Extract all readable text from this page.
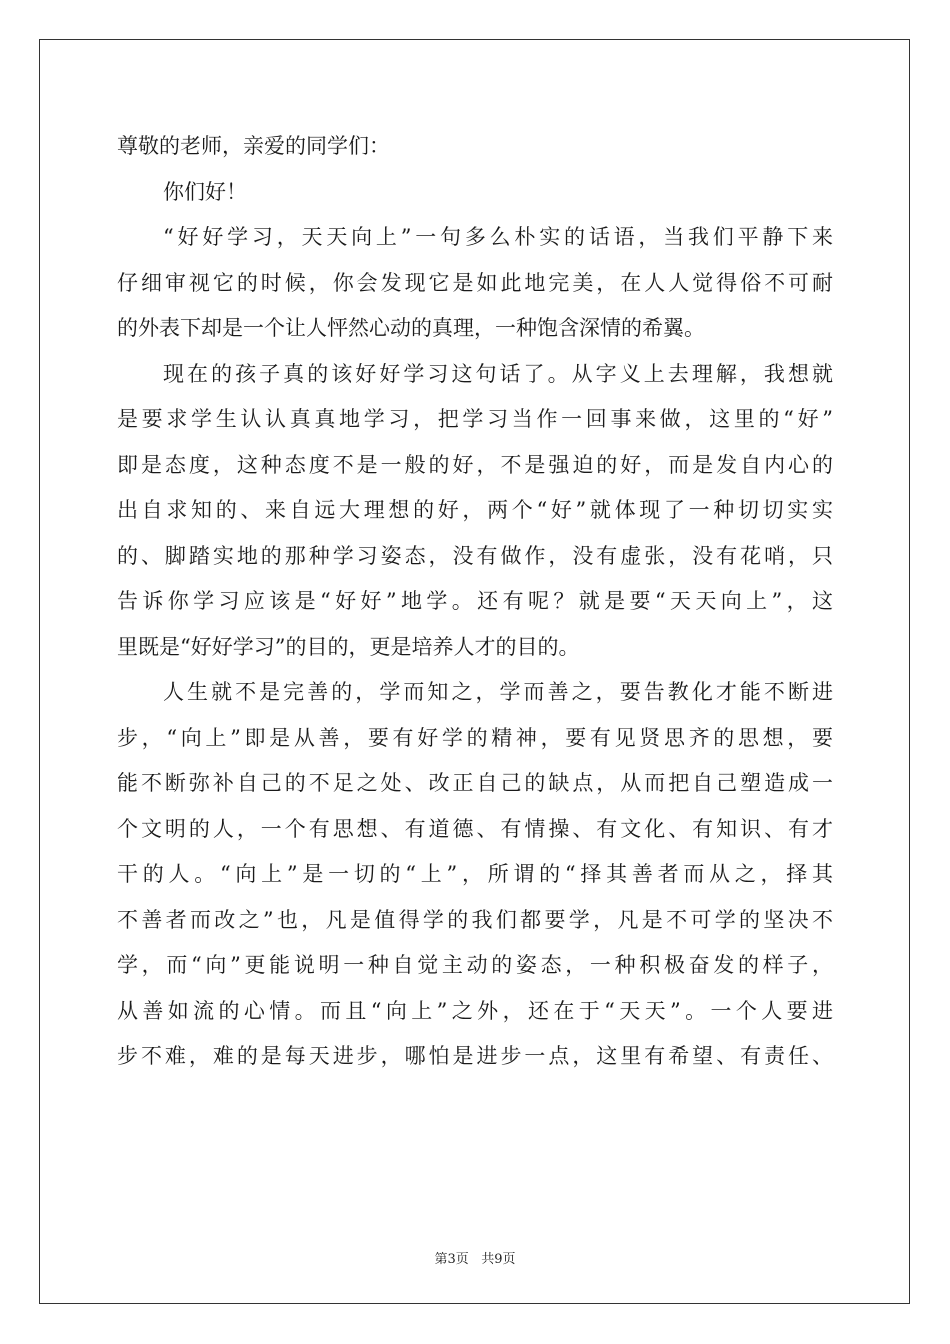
尊敬的老师，亲爱的同学们：
你们好！
“好好学习，天天向上”一句多么朴实的话语，当我们平静下来
仔细审视它的时候，你会发现它是如此地完美，在人人觉得俗不可耐
的外表下却是一个让人怦然心动的真理，一种饱含深情的希翼。
现在的孩子真的该好好学习这句话了。从字义上去理解，我想就
是要求学生认认真真地学习，把学习当作一回事来做，这里的“好”
即是态度，这种态度不是一般的好，不是强迫的好，而是发自内心的
出自求知的、来自远大理想的好，两个“好”就体现了一种切切实实
的、脚踏实地的那种学习姿态，没有做作，没有虚张，没有花哨，只
告诉你学习应该是“好好”地学。还有呢？就是要“天天向上”，这
里既是“好好学习”的目的，更是培养人才的目的。
人生就不是完善的，学而知之，学而善之，要告教化才能不断进
步，“向上”即是从善，要有好学的精神，要有见贤思齐的思想，要
能不断弥补自己的不足之处、改正自己的缺点，从而把自己塑造成一
个文明的人，一个有思想、有道德、有情操、有文化、有知识、有才
干的人。“向上”是一切的“上”，所谓的“择其善者而从之，择其
不善者而改之”也，凡是值得学的我们都要学，凡是不可学的坚决不
学，而“向”更能说明一种自觉主动的姿态，一种积极奋发的样子，
从善如流的心情。而且“向上”之外，还在于“天天”。一个人要进
步不难，难的是每天进步，哪怕是进步一点，这里有希望、有责任、
第3页 共9页
